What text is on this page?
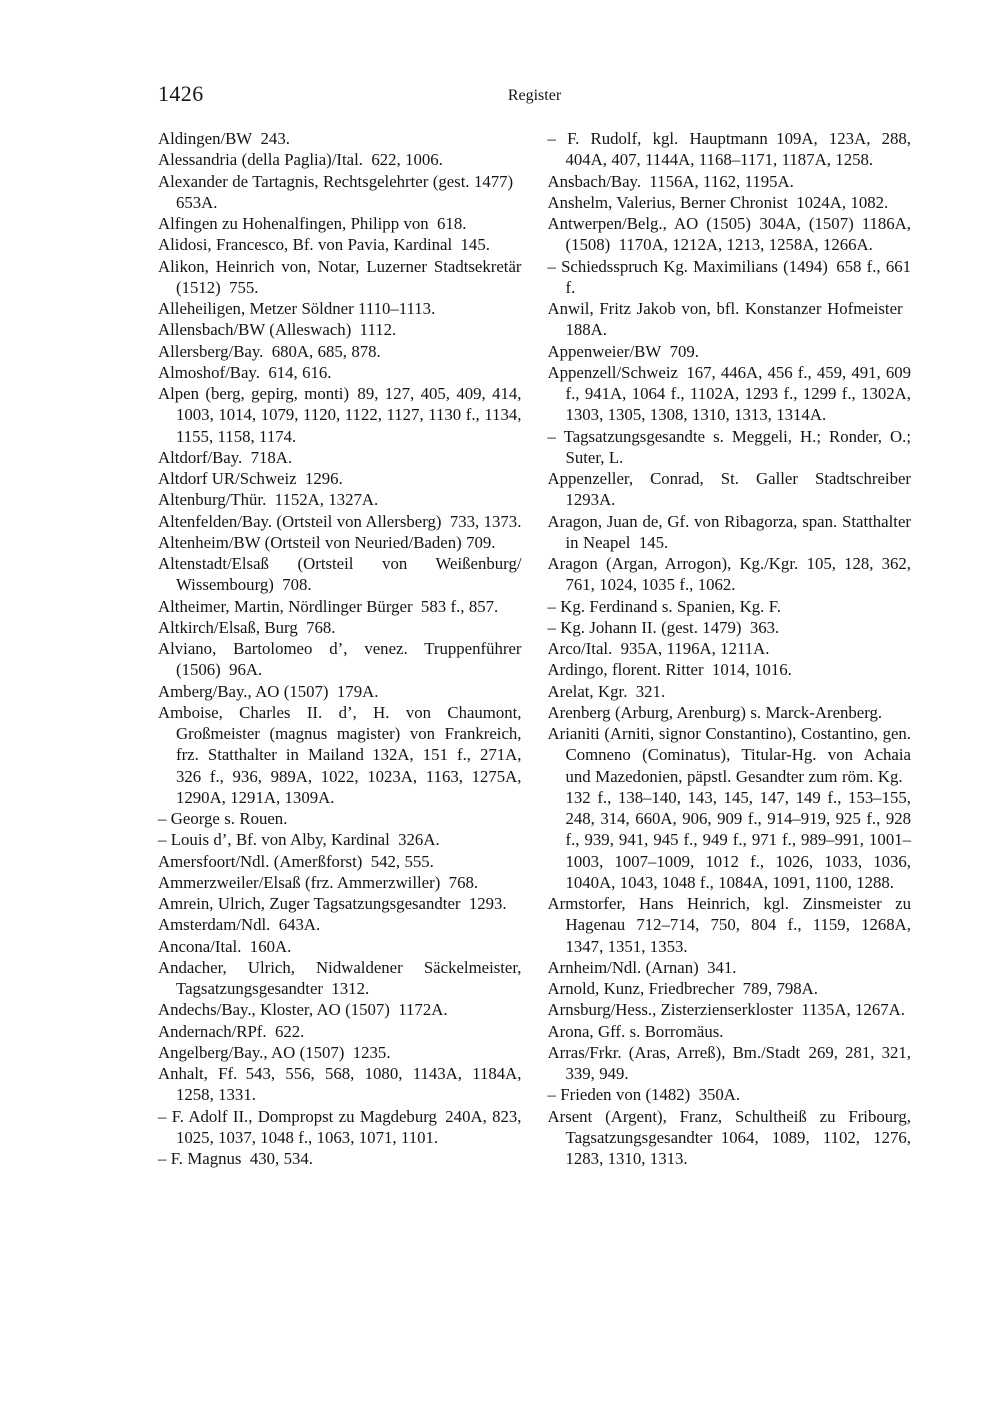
1426	Register

Aldingen/BW 243.

Alessandria (della Paglia)/Ital. 622, 1006.

Alexander de Tartagnis, Rechtsgelehrter (gest. 1477) 653A.

Alfingen zu Hohenalfingen, Philipp von 618.

Alidosi, Francesco, Bf. von Pavia, Kardinal 145.

Alikon, Heinrich von, Notar, Luzerner Stadtsekretär (1512) 755.

Alleheiligen, Metzer Söldner 1110–1113.

Allensbach/BW (Alleswach) 1112.

Allersberg/Bay. 680A, 685, 878.

Almoshof/Bay. 614, 616.

Alpen (berg, gepirg, monti) 89, 127, 405, 409, 414, 1003, 1014, 1079, 1120, 1122, 1127, 1130 f., 1134, 1155, 1158, 1174.

Altdorf/Bay. 718A.

Altdorf UR/Schweiz 1296.

Altenburg/Thür. 1152A, 1327A.

Altenfelden/Bay. (Ortsteil von Allersberg) 733, 1373.

Altenheim/BW (Ortsteil von Neuried/Baden) 709.

Altenstadt/Elsaß (Ortsteil von Weißenburg/ Wissembourg) 708.

Altheimer, Martin, Nördlinger Bürger 583 f., 857.

Altkirch/Elsaß, Burg 768.

Alviano, Bartolomeo d’, venez. Truppenführer (1506) 96A.

Amberg/Bay., AO (1507) 179A.

Amboise, Charles II. d’, H. von Chaumont, Großmeister (magnus magister) von Frankreich, frz. Statthalter in Mailand 132A, 151 f., 271A, 326 f., 936, 989A, 1022, 1023A, 1163, 1275A, 1290A, 1291A, 1309A.

– George s. Rouen.

– Louis d’, Bf. von Alby, Kardinal 326A.

Amersfoort/Ndl. (Amerßforst) 542, 555.

Ammerzweiler/Elsaß (frz. Ammerzwiller) 768.

Amrein, Ulrich, Zuger Tagsatzungsgesandter 1293.

Amsterdam/Ndl. 643A.

Ancona/Ital. 160A.

Andacher, Ulrich, Nidwaldener Säckelmeister, Tagsatzungsgesandter 1312.

Andechs/Bay., Kloster, AO (1507) 1172A.

Andernach/RPf. 622.

Angelberg/Bay., AO (1507) 1235.

Anhalt, Ff. 543, 556, 568, 1080, 1143A, 1184A, 1258, 1331.

– F. Adolf II., Dompropst zu Magdeburg 240A, 823, 1025, 1037, 1048 f., 1063, 1071, 1101.

– F. Magnus 430, 534.

– F. Rudolf, kgl. Hauptmann 109A, 123A, 288, 404A, 407, 1144A, 1168–1171, 1187A, 1258.

Ansbach/Bay. 1156A, 1162, 1195A.

Anshelm, Valerius, Berner Chronist 1024A, 1082.

Antwerpen/Belg., AO (1505) 304A, (1507) 1186A, (1508) 1170A, 1212A, 1213, 1258A, 1266A.

– Schiedsspruch Kg. Maximilians (1494) 658 f., 661 f.

Anwil, Fritz Jakob von, bfl. Konstanzer Hofmeister 188A.

Appenweier/BW 709.

Appenzell/Schweiz 167, 446A, 456 f., 459, 491, 609 f., 941A, 1064 f., 1102A, 1293 f., 1299 f., 1302A, 1303, 1305, 1308, 1310, 1313, 1314A.

– Tagsatzungsgesandte s. Meggeli, H.; Ronder, O.; Suter, L.

Appenzeller, Conrad, St. Galler Stadtschreiber 1293A.

Aragon, Juan de, Gf. von Ribagorza, span. Statthalter in Neapel 145.

Aragon (Argan, Arrogon), Kg./Kgr. 105, 128, 362, 761, 1024, 1035 f., 1062.

– Kg. Ferdinand s. Spanien, Kg. F.

– Kg. Johann II. (gest. 1479) 363.

Arco/Ital. 935A, 1196A, 1211A.

Ardingo, florent. Ritter 1014, 1016.

Arelat, Kgr. 321.

Arenberg (Arburg, Arenburg) s. Marck-Arenberg.

Arianiti (Arniti, signor Constantino), Costantino, gen. Comneno (Cominatus), Titular-Hg. von Achaia und Mazedonien, päpstl. Gesandter zum röm. Kg. 132 f., 138–140, 143, 145, 147, 149 f., 153–155, 248, 314, 660A, 906, 909 f., 914–919, 925 f., 928 f., 939, 941, 945 f., 949 f., 971 f., 989–991, 1001–1003, 1007–1009, 1012 f., 1026, 1033, 1036, 1040A, 1043, 1048 f., 1084A, 1091, 1100, 1288.

Armstorfer, Hans Heinrich, kgl. Zinsmeister zu Hagenau 712–714, 750, 804 f., 1159, 1268A, 1347, 1351, 1353.

Arnheim/Ndl. (Arnan) 341.

Arnold, Kunz, Friedbrecher 789, 798A.

Arnsburg/Hess., Zisterzienserkloster 1135A, 1267A.

Arona, Gff. s. Borromäus.

Arras/Frkr. (Aras, Arreß), Bm./Stadt 269, 281, 321, 339, 949.

– Frieden von (1482) 350A.

Arsent (Argent), Franz, Schultheiß zu Fribourg, Tagsatzungsgesandter 1064, 1089, 1102, 1276, 1283, 1310, 1313.
